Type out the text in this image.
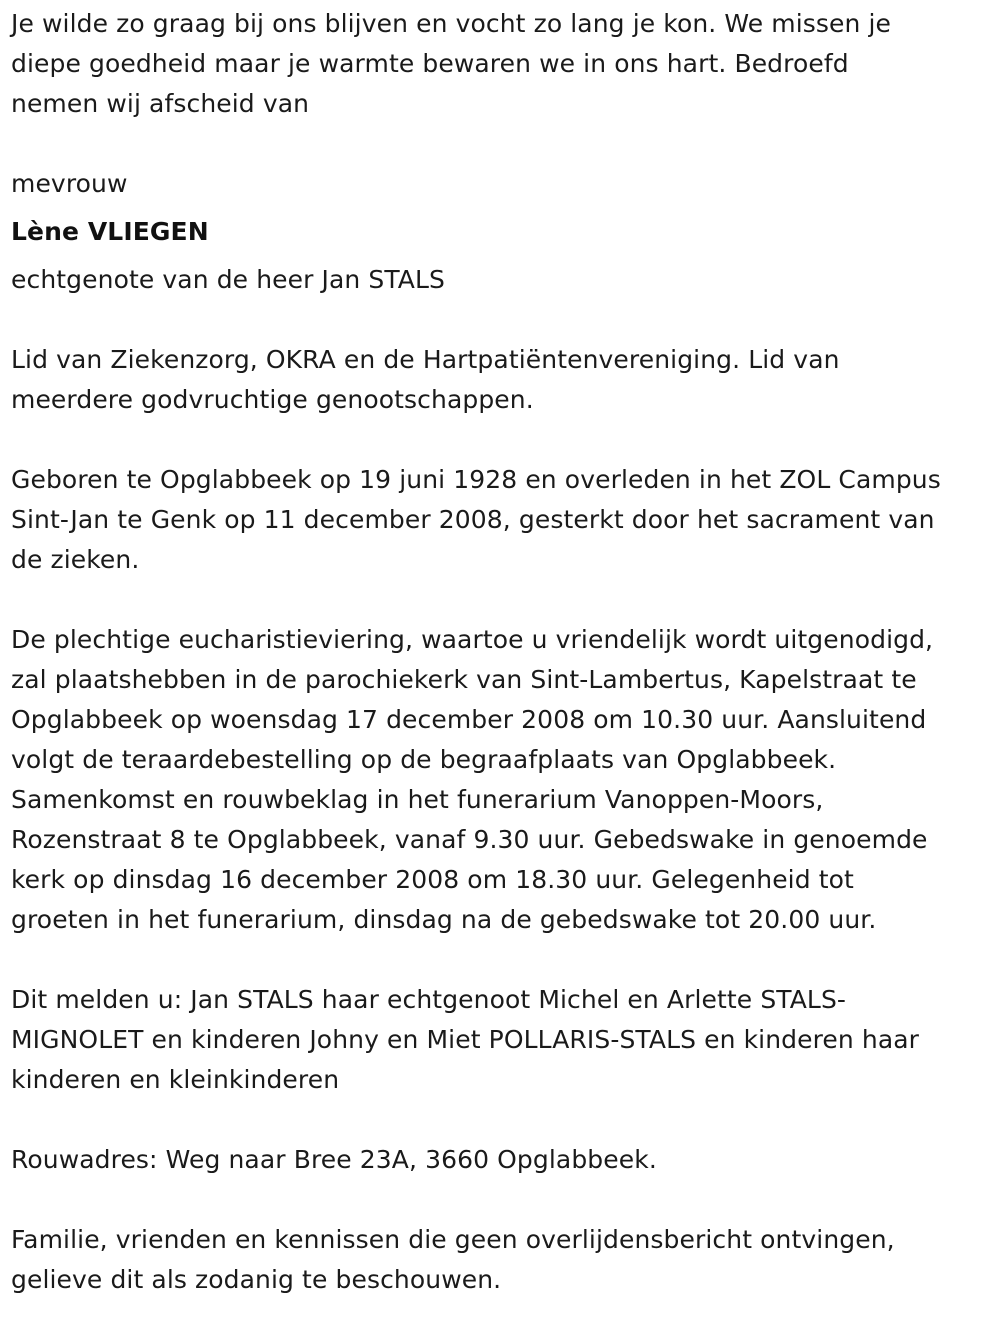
Je wilde zo graag bij ons blijven en vocht zo lang je kon. We missen je
diepe goedheid maar je warmte bewaren we in ons hart. Bedroefd
nemen wij afscheid van

mevrouw

Lène VLIEGEN

echtgenote van de heer Jan STALS

Lid van Ziekenzorg, OKRA en de Hartpatiëntenvereniging. Lid van
meerdere godvruchtige genootschappen.

Geboren te Opglabbeek op 19 juni 1928 en overleden in het ZOL Campus
Sint-Jan te Genk op 11 december 2008, gesterkt door het sacrament van
de zieken.

De plechtige eucharistieviering, waartoe u vriendelijk wordt uitgenodigd,
zal plaatshebben in de parochiekerk van Sint-Lambertus, Kapelstraat te
Opglabbeek op woensdag 17 december 2008 om 10.30 uur. Aansluitend
volgt de teraardebestelling op de begraafplaats van Opglabbeek.
Samenkomst en rouwbeklag in het funerarium Vanoppen-Moors,
Rozenstraat 8 te Opglabbeek, vanaf 9.30 uur. Gebedswake in genoemde
kerk op dinsdag 16 december 2008 om 18.30 uur. Gelegenheid tot
groeten in het funerarium, dinsdag na de gebedswake tot 20.00 uur.

Dit melden u: Jan STALS haar echtgenoot Michel en Arlette STALS-
MIGNOLET en kinderen Johny en Miet POLLARIS-STALS en kinderen haar
kinderen en kleinkinderen

Rouwadres: Weg naar Bree 23A, 3660 Opglabbeek.

Familie, vrienden en kennissen die geen overlijdensbericht ontvingen,
gelieve dit als zodanig te beschouwen.
